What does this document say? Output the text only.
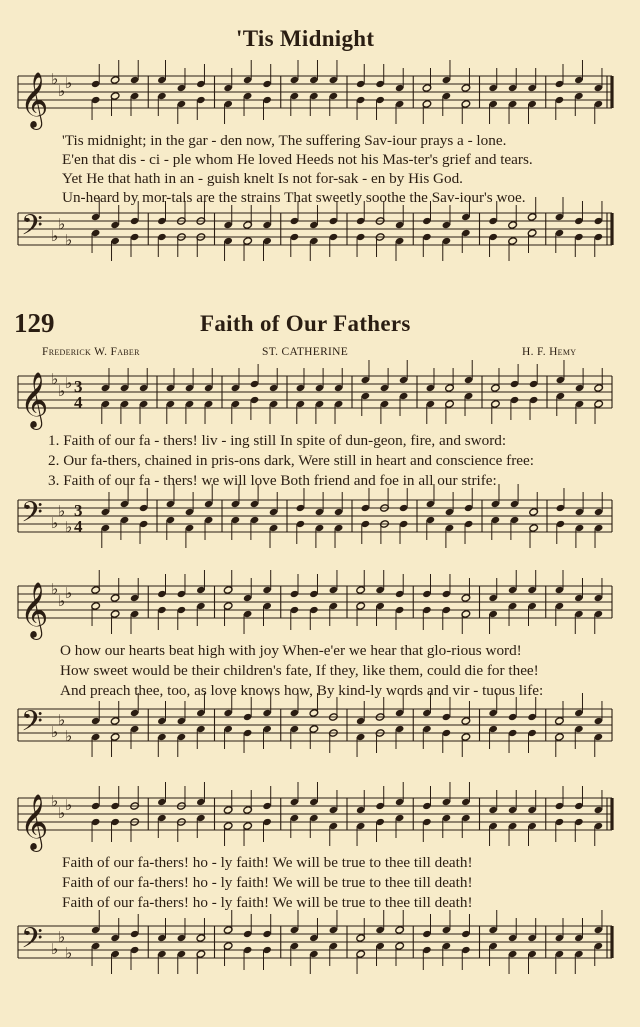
'Tis Midnight
𝄞 ♭
♭ ♭
'Tis midnight; in the gar - den now, The suffering Sav-iour prays a - lone.
E'en that dis - ci - ple whom He loved Heeds not his Mas-ter's grief and tears.
Yet He that hath in an - guish knelt Is not for-sak - en by His God.
Un-heard by mor-tals are the strains That sweetly soothe the Sav-iour's woe.
𝄢 ♭
♭
♭
129	Faith of Our Fathers
Frederick W. Faber	ST. CATHERINE	H. F. Hemy
𝄞 ♭
♭ ♭ 3
4
1. Faith of our fa - thers! liv - ing still In spite of dun-geon, fire, and sword:
2. Our fa-thers, chained in pris-ons dark, Were still in heart and conscience free:
3. Faith of our fa - thers! we will love Both friend and foe in all our strife:
𝄢 ♭
♭
♭
3
4
𝄞 ♭
♭ ♭
O how our hearts beat high with joy When-e'er we hear that glo-rious word!
How sweet would be their children's fate, If they, like them, could die for thee!
And preach thee, too, as love knows how, By kind-ly words and vir - tuous life:
𝄢 ♭
♭
♭
𝄞 ♭
♭ ♭
Faith of our fa-thers! ho - ly faith! We will be true to thee till death!
Faith of our fa-thers! ho - ly faith! We will be true to thee till death!
Faith of our fa-thers! ho - ly faith! We will be true to thee till death!
𝄢 ♭
♭
♭
